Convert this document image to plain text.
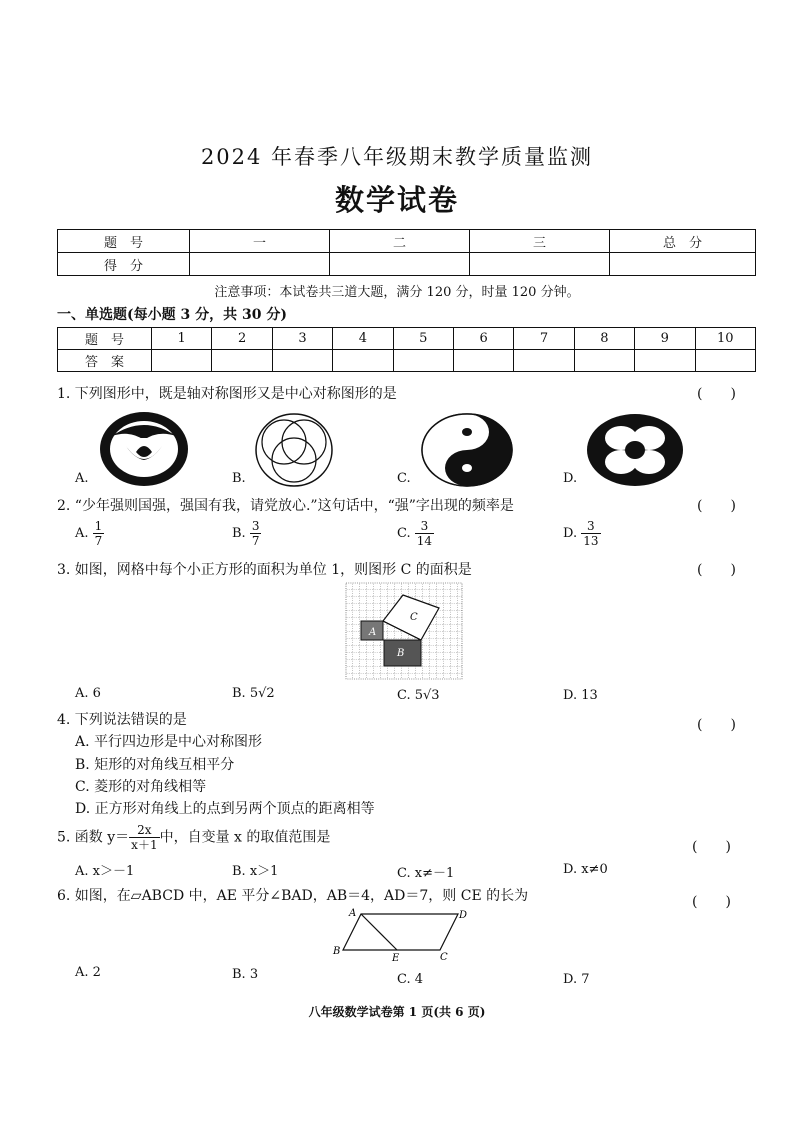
2024 年春季八年级期末教学质量监测
数学试卷
题　号	一	二	三	总　分
得　分				
注意事项：本试卷共三道大题，满分 120 分，时量 120 分钟。
一、单选题(每小题 3 分，共 30 分)
题　号	1	2	3	4	5	6	7	8	9	10
答　案										
1. 下列图形中，既是轴对称图形又是中心对称图形的是	(　　)
A.	B.	C.	D.
2. “少年强则国强，强国有我，请党放心.”这句话中，“强”字出现的频率是	(　　)
A. $\frac{1}{7}$	B. $\frac{3}{7}$	C. $\frac{3}{14}$	D. $\frac{3}{13}$
3. 如图，网格中每个小正方形的面积为单位 1，则图形 C 的面积是	(　　)
A
B
C
A. 6	B. 5√2	C. 5√3	D. 13
4. 下列说法错误的是	(　　)
A. 平行四边形是中心对称图形
B. 矩形的对角线互相平分
C. 菱形的对角线相等
D. 正方形对角线上的点到另两个顶点的距离相等
5. 函数 $y= \frac{2x}{x+1}$ 中，自变量 x 的取值范围是
(　　)
A. x＞－1	B. x＞1	C. x≠－1	D. x≠0
6. 如图，在▱ABCD 中，AE 平分∠BAD，AB＝4，AD＝7，则 CE 的长为	(　　)
A
B
C
D
E
A. 2	B. 3	C. 4	D. 7
八年级数学试卷第 1 页(共 6 页)
